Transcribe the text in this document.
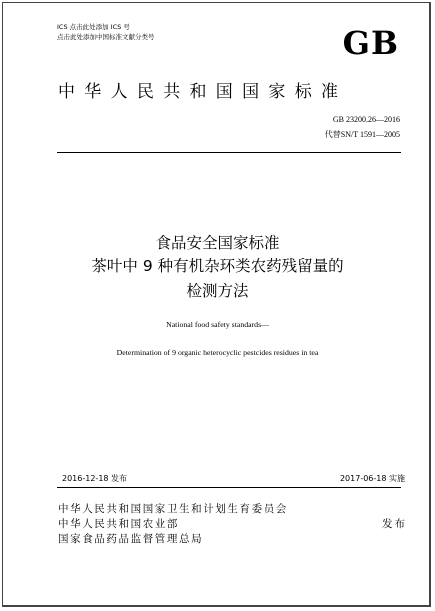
ICS 点击此处添加 ICS 号
点击此处添加中国标准文献分类号	GB
中华人民共和国国家标准
GB 23200.26—2016
代替SN/T 1591—2005
食品安全国家标准
茶叶中 9 种有机杂环类农药残留量的
检测方法
National food safety standards—
Determination of 9 organic heterocyclic pestcides residues in tea
2016-12-18 发布	2017-06-18 实施
中华人民共和国国家卫生和计划生育委员会
中华人民共和国农业部
国家食品药品监督管理总局
发布
